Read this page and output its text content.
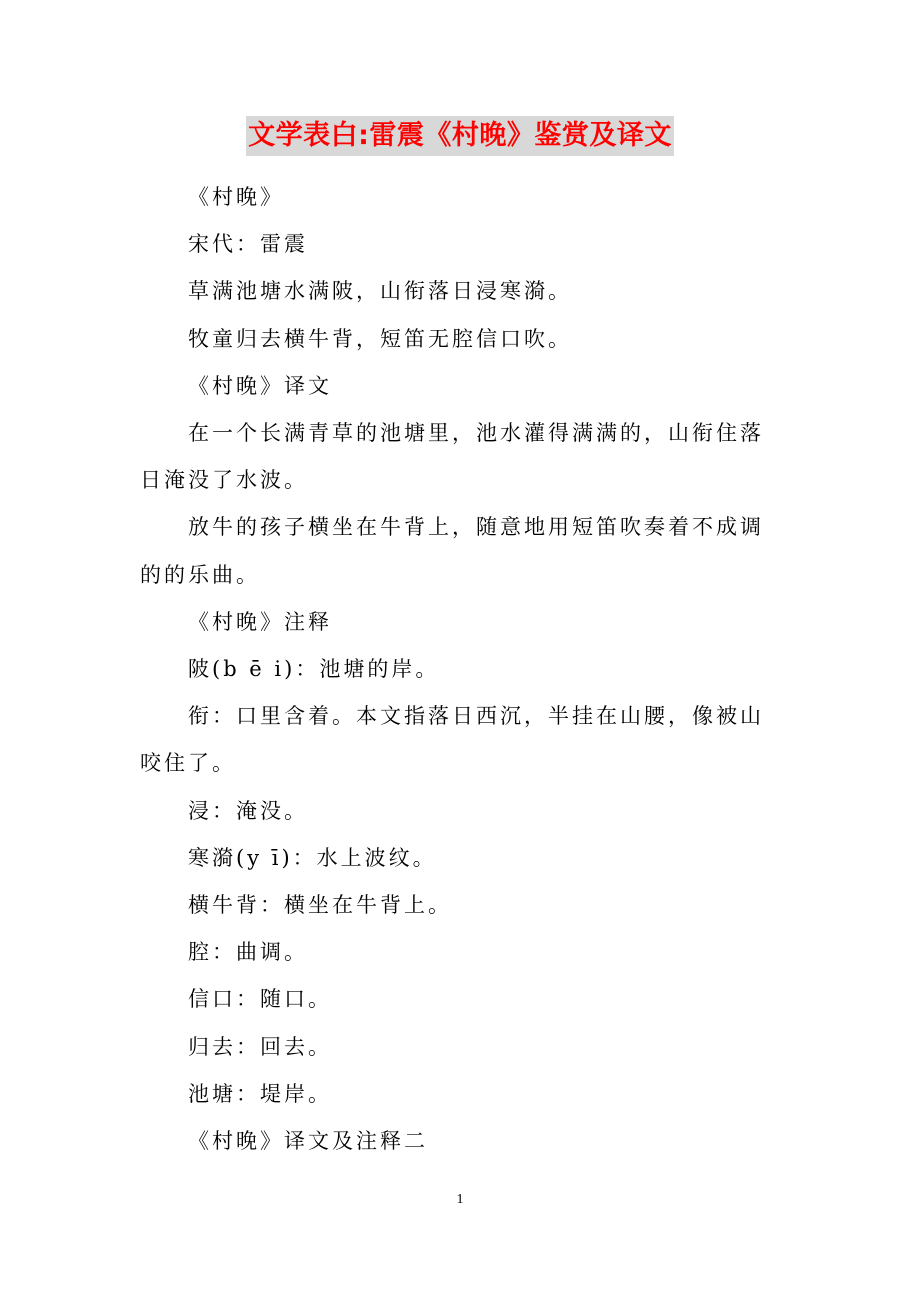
文学表白:雷震《村晚》鉴赏及译文

《村晚》

宋代：雷震

草满池塘水满陂，山衔落日浸寒漪。

牧童归去横牛背，短笛无腔信口吹。

《村晚》译文

在一个长满青草的池塘里，池水灌得满满的，山衔住落日淹没了水波。

放牛的孩子横坐在牛背上，随意地用短笛吹奏着不成调的的乐曲。

《村晚》注释

陂(b ē i)：池塘的岸。

衔：口里含着。本文指落日西沉，半挂在山腰，像被山咬住了。

浸：淹没。

寒漪(y ī)：水上波纹。

横牛背：横坐在牛背上。

腔：曲调。

信口：随口。

归去：回去。

池塘：堤岸。

《村晚》译文及注释二

1
